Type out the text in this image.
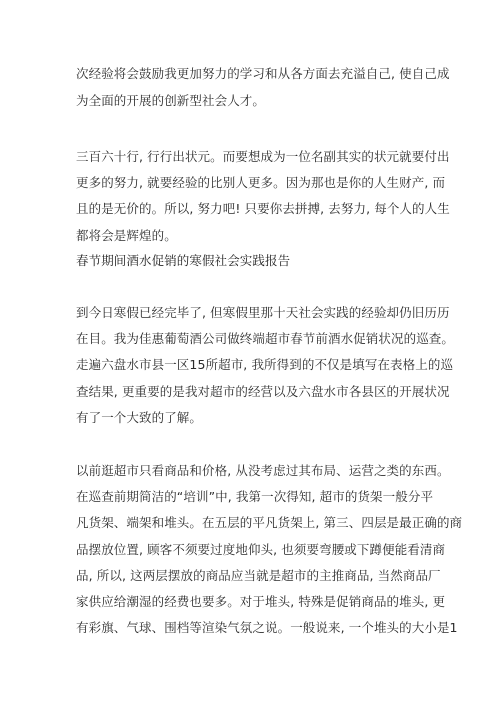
次经验将会鼓励我更加努力的学习和从各方面去充溢自己, 使自己成
为全面的开展的创新型社会人才。
三百六十行, 行行出状元。而要想成为一位名副其实的状元就要付出
更多的努力, 就要经验的比别人更多。因为那也是你的人生财产, 而
且的是无价的。所以, 努力吧! 只要你去拼搏, 去努力, 每个人的人生
都将会是辉煌的。
春节期间酒水促销的寒假社会实践报告
到今日寒假已经完毕了, 但寒假里那十天社会实践的经验却仍旧历历
在目。我为佳惠葡萄酒公司做终端超市春节前酒水促销状况的巡查。
走遍六盘水市县一区15所超市, 我所得到的不仅是填写在表格上的巡
查结果, 更重要的是我对超市的经营以及六盘水市各县区的开展状况
有了一个大致的了解。
以前逛超市只看商品和价格, 从没考虑过其布局、运营之类的东西。
在巡查前期简洁的“培训”中, 我第一次得知, 超市的货架一般分平
凡货架、端架和堆头。在五层的平凡货架上, 第三、四层是最正确的商
品摆放位置, 顾客不须要过度地仰头, 也须要弯腰或下蹲便能看清商
品, 所以, 这两层摆放的商品应当就是超市的主推商品, 当然商品厂
家供应给潮湿的经费也要多。对于堆头, 特殊是促销商品的堆头, 更
有彩旗、气球、围档等渲染气氛之说。一般说来, 一个堆头的大小是1
